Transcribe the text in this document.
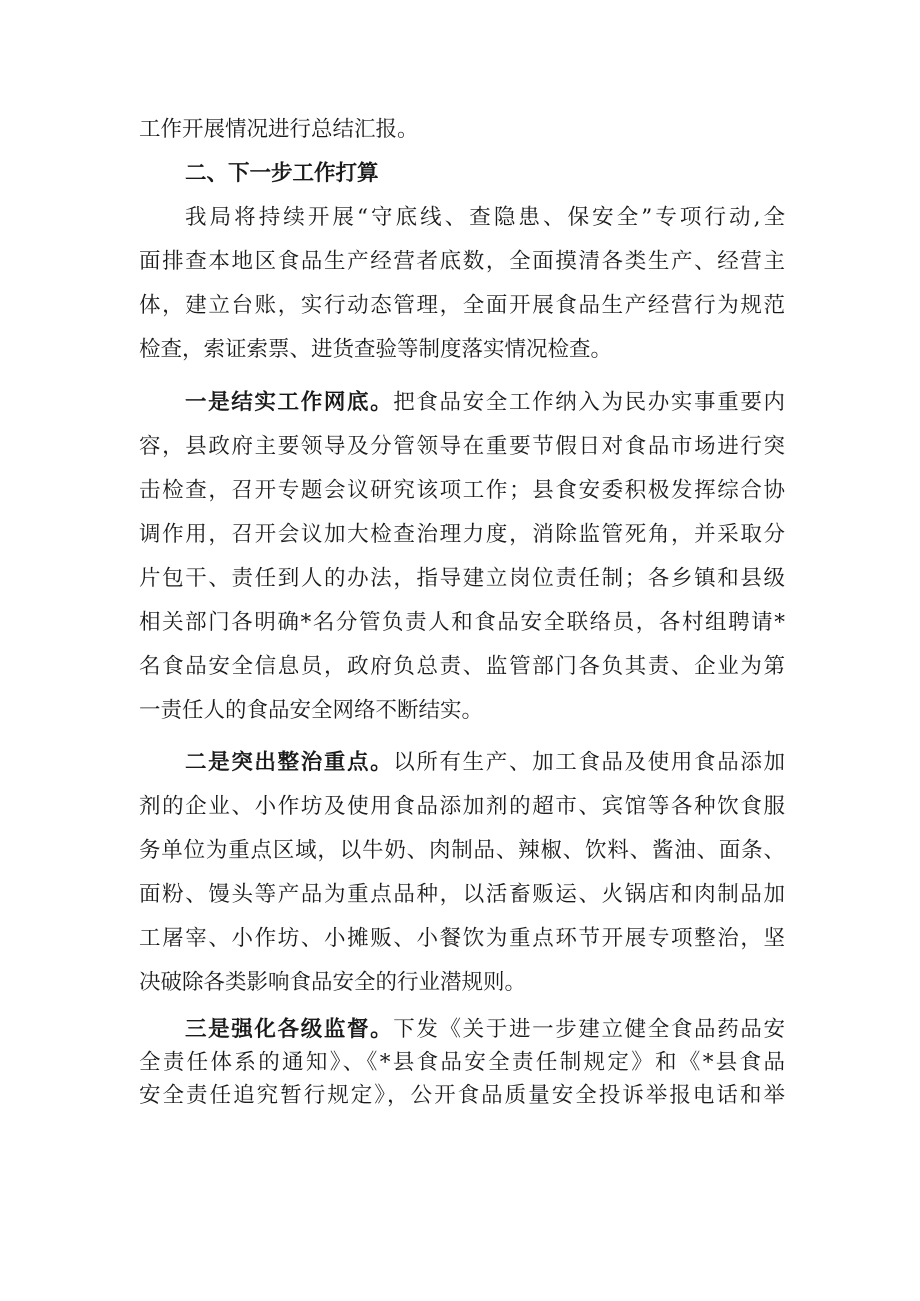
工作开展情况进行总结汇报。
二、下一步工作打算
我局将持续开展“守底线、查隐患、保安全”专项行动,全
面排查本地区食品生产经营者底数，全面摸清各类生产、经营主
体，建立台账，实行动态管理，全面开展食品生产经营行为规范
检查，索证索票、进货查验等制度落实情况检查。
一是结实工作网底。把食品安全工作纳入为民办实事重要内
容，县政府主要领导及分管领导在重要节假日对食品市场进行突
击检查，召开专题会议研究该项工作；县食安委积极发挥综合协
调作用，召开会议加大检查治理力度，消除监管死角，并采取分
片包干、责任到人的办法，指导建立岗位责任制；各乡镇和县级
相关部门各明确*名分管负责人和食品安全联络员，各村组聘请*
名食品安全信息员，政府负总责、监管部门各负其责、企业为第
一责任人的食品安全网络不断结实。
二是突出整治重点。以所有生产、加工食品及使用食品添加
剂的企业、小作坊及使用食品添加剂的超市、宾馆等各种饮食服
务单位为重点区域，以牛奶、肉制品、辣椒、饮料、酱油、面条、
面粉、馒头等产品为重点品种，以活畜贩运、火锅店和肉制品加
工屠宰、小作坊、小摊贩、小餐饮为重点环节开展专项整治，坚
决破除各类影响食品安全的行业潜规则。
三是强化各级监督。下发《关于进一步建立健全食品药品安
全责任体系的通知》、《*县食品安全责任制规定》和《*县食品
安全责任追究暂行规定》，公开食品质量安全投诉举报电话和举
